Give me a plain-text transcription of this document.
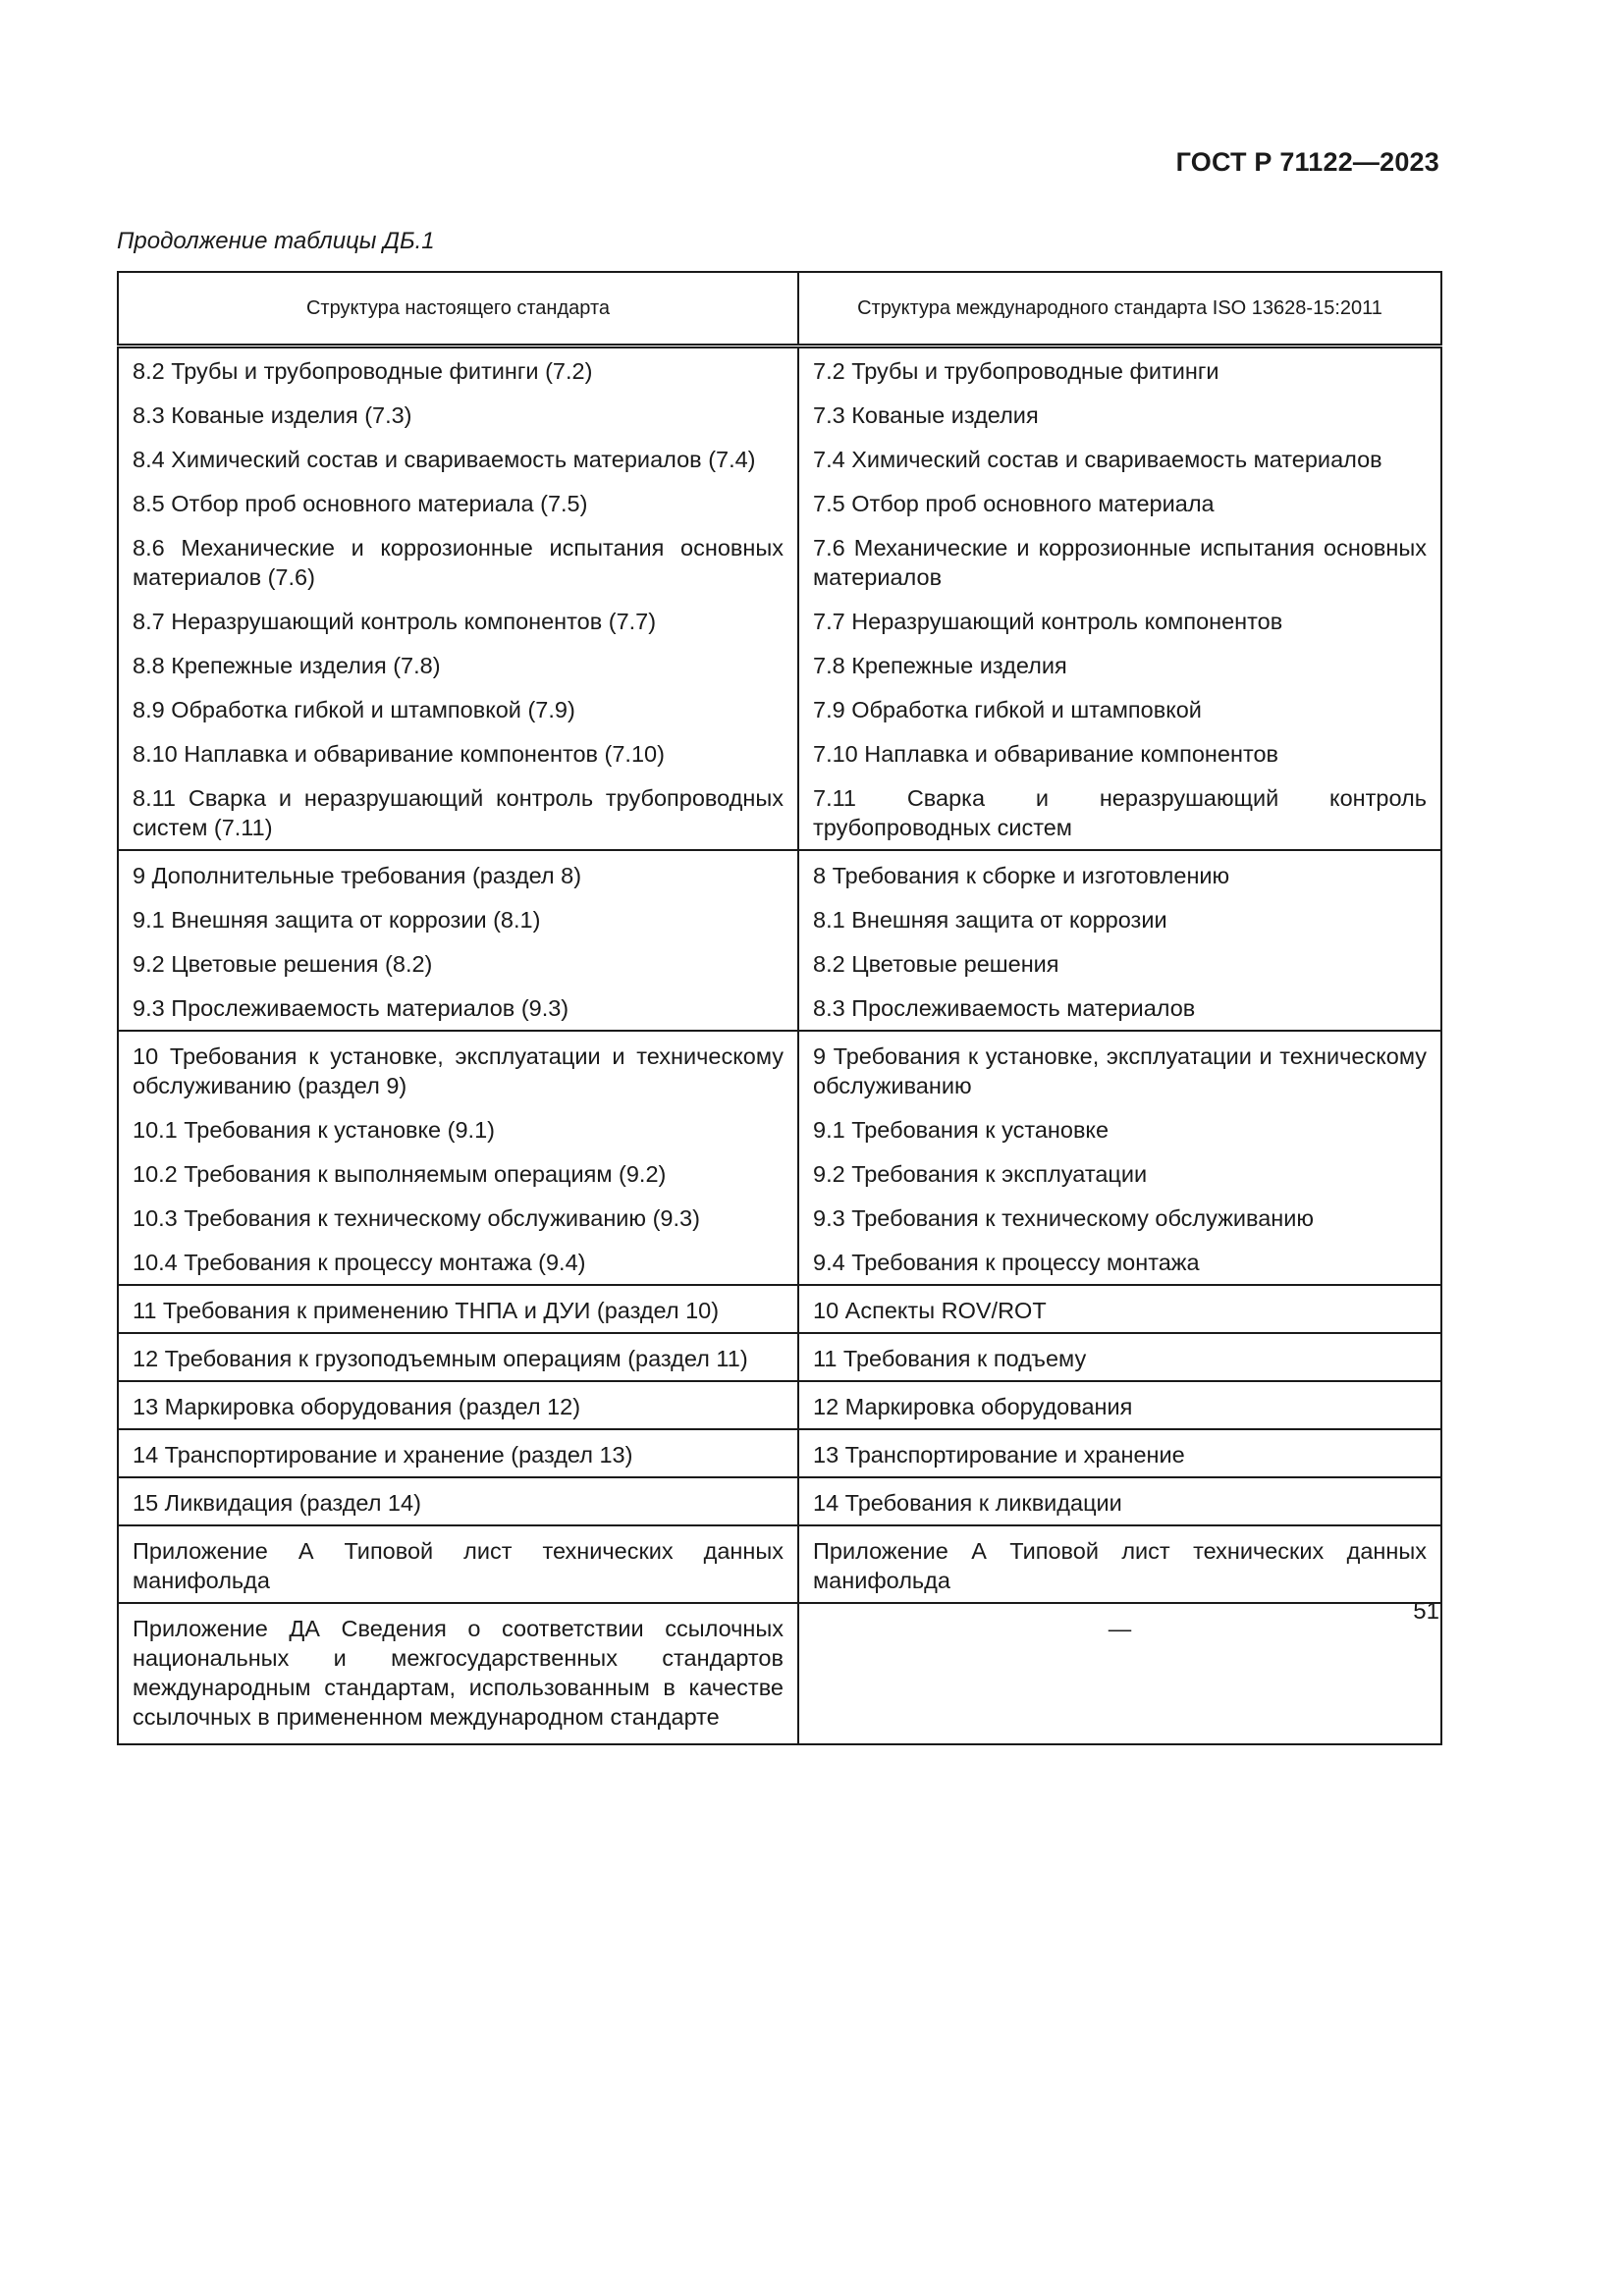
ГОСТ Р 71122—2023
Продолжение таблицы ДБ.1
Структура настоящего стандарта	Структура международного стандарта ISO 13628-15:2011

8.2 Трубы и трубопроводные фитинги (7.2)	7.2 Трубы и трубопроводные фитинги

8.3 Кованые изделия (7.3)	7.3 Кованые изделия

8.4 Химический состав и свариваемость материалов (7.4)	7.4 Химический состав и свариваемость материалов

8.5 Отбор проб основного материала (7.5)	7.5 Отбор проб основного материала

8.6 Механические и коррозионные испытания основных материалов (7.6)	7.6 Механические и коррозионные испытания основных материалов

8.7 Неразрушающий контроль компонентов (7.7)	7.7 Неразрушающий контроль компонентов

8.8 Крепежные изделия (7.8)	7.8 Крепежные изделия

8.9 Обработка гибкой и штамповкой (7.9)	7.9 Обработка гибкой и штамповкой

8.10 Наплавка и обваривание компонентов (7.10)	7.10 Наплавка и обваривание компонентов

8.11 Сварка и неразрушающий контроль трубопроводных систем (7.11)	7.11 Сварка и неразрушающий контроль трубопроводных систем

9 Дополнительные требования (раздел 8)	8 Требования к сборке и изготовлению

9.1 Внешняя защита от коррозии (8.1)	8.1 Внешняя защита от коррозии

9.2 Цветовые решения (8.2)	8.2 Цветовые решения

9.3 Прослеживаемость материалов (9.3)	8.3 Прослеживаемость материалов

10 Требования к установке, эксплуатации и техническому обслуживанию (раздел 9)	9 Требования к установке, эксплуатации и техническому обслуживанию

10.1 Требования к установке (9.1)	9.1 Требования к установке

10.2 Требования к выполняемым операциям (9.2)	9.2 Требования к эксплуатации

10.3 Требования к техническому обслуживанию (9.3)	9.3 Требования к техническому обслуживанию

10.4 Требования к процессу монтажа (9.4)	9.4 Требования к процессу монтажа

11 Требования к применению ТНПА и ДУИ (раздел 10)	10 Аспекты ROV/ROT

12 Требования к грузоподъемным операциям (раздел 11)	11 Требования к подъему

13 Маркировка оборудования (раздел 12)	12 Маркировка оборудования

14 Транспортирование и хранение (раздел 13)	13 Транспортирование и хранение

15 Ликвидация (раздел 14)	14 Требования к ликвидации

Приложение А Типовой лист технических данных манифольда	Приложение А Типовой лист технических данных манифольда

Приложение ДА Сведения о соответствии ссылочных национальных и межгосударственных стандартов международным стандартам, использованным в качестве ссылочных в примененном международном стандарте	—
51
